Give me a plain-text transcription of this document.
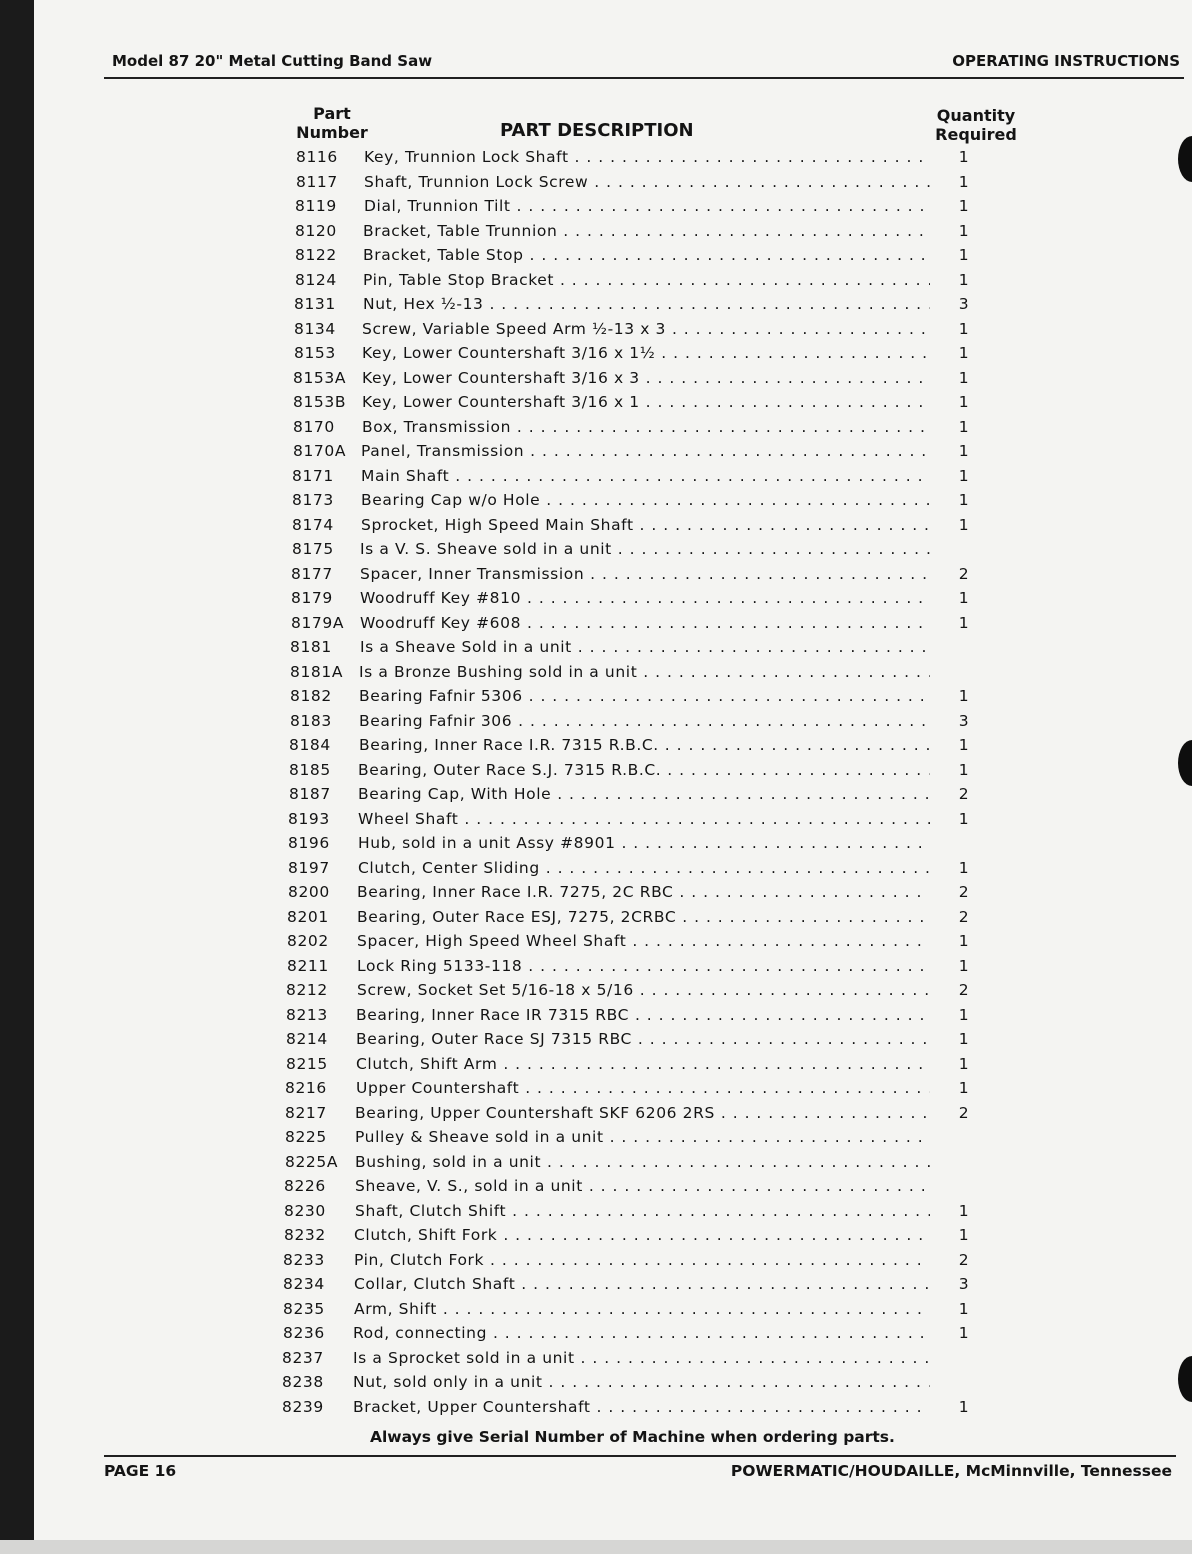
Model 87 20" Metal Cutting Band Saw	OPERATING INSTRUCTIONS
Part Number	PART DESCRIPTION
Quantity Required
8116 Key, Trunnion Lock Shaft . . .	1
8117 Shaft, Trunnion Lock Screw . . .	1
8119 Dial, Trunnion Tilt . . .	1
8120 Bracket, Table Trunnion . . .	1
8122 Bracket, Table Stop . . .	1
8124 Pin, Table Stop Bracket . . .	1
8131 Nut, Hex ½-13 . . .	3
8134 Screw, Variable Speed Arm ½-13 x 3 . . .	1
8153 Key, Lower Countershaft 3/16 x 1½ . . .	1
8153A Key, Lower Countershaft 3/16 x 3 . . .	1
8153B Key, Lower Countershaft 3/16 x 1 . . .	1
8170 Box, Transmission . . .	1
8170A Panel, Transmission . . .	1
8171 Main Shaft . . .	1
8173 Bearing Cap w/o Hole . . .	1
8174 Sprocket, High Speed Main Shaft . . .	1
8175 Is a V. S. Sheave sold in a unit . . .
8177 Spacer, Inner Transmission . . .	2
8179 Woodruff Key #810 . . .	1
8179A Woodruff Key #608 . . .	1
8181 Is a Sheave Sold in a unit . . .
8181A Is a Bronze Bushing sold in a unit . . .
8182 Bearing Fafnir 5306 . . .	1
8183 Bearing Fafnir 306 . . .	3
8184 Bearing, Inner Race I.R. 7315 R.B.C. . . .	1
8185 Bearing, Outer Race S.J. 7315 R.B.C. . . .	1
8187 Bearing Cap, With Hole . . .	2
8193 Wheel Shaft . . .	1
8196 Hub, sold in a unit Assy #8901 . . .
8197 Clutch, Center Sliding . . .	1
8200 Bearing, Inner Race I.R. 7275, 2C RBC . . .	2
8201 Bearing, Outer Race ESJ, 7275, 2CRBC . . .	2
8202 Spacer, High Speed Wheel Shaft . . .	1
8211 Lock Ring 5133-118 . . .	1
8212 Screw, Socket Set 5/16-18 x 5/16 . . .	2
8213 Bearing, Inner Race IR 7315 RBC . . .	1
8214 Bearing, Outer Race SJ 7315 RBC . . .	1
8215 Clutch, Shift Arm . . .	1
8216 Upper Countershaft . . .	1
8217 Bearing, Upper Countershaft SKF 6206 2RS . . .	2
8225 Pulley & Sheave sold in a unit . . .
8225A Bushing, sold in a unit . . .
8226 Sheave, V. S., sold in a unit . . .
8230 Shaft, Clutch Shift . . .	1
8232 Clutch, Shift Fork . . .	1
8233 Pin, Clutch Fork . . .	2
8234 Collar, Clutch Shaft . . .	3
8235 Arm, Shift . . .	1
8236 Rod, connecting . . .	1
8237 Is a Sprocket sold in a unit . . .
8238 Nut, sold only in a unit . . .
8239 Bracket, Upper Countershaft . . .	1
Always give Serial Number of Machine when ordering parts.
PAGE 16	POWERMATIC/HOUDAILLE, McMinnville, Tennessee
